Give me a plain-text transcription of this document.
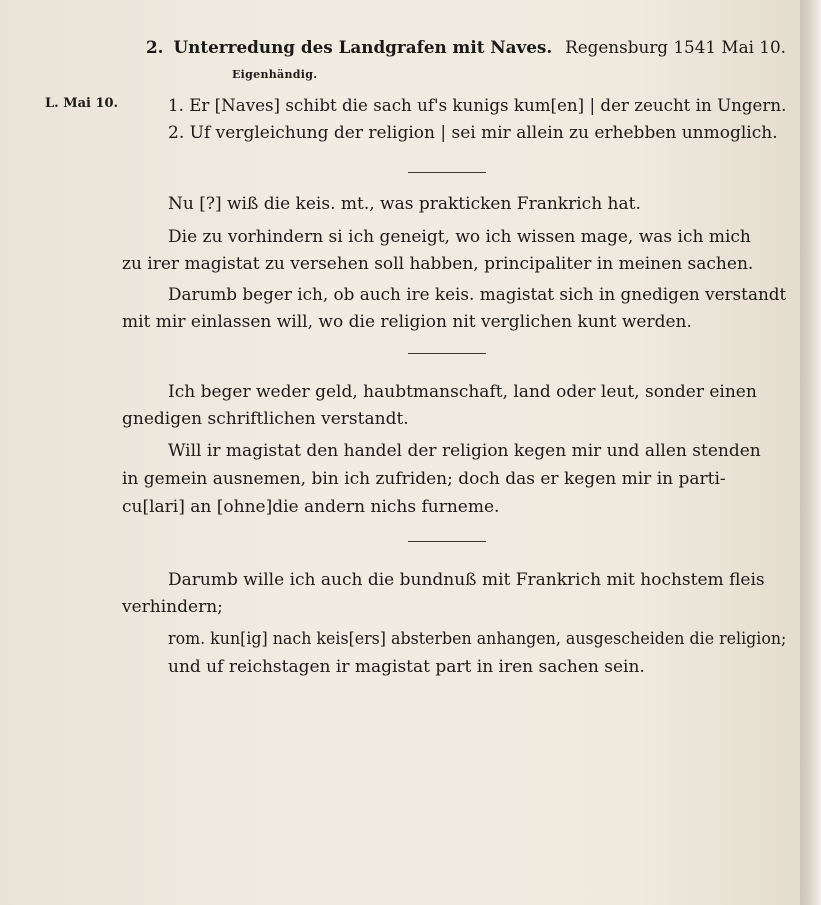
2. Unterredung des Landgrafen mit Naves. Regensburg 1541 Mai 10.
Eigenhändig.
L. Mai 10.	1. Er [Naves] schibt die sach uf's kunigs kum[en] | der zeucht in Ungern.
2. Uf vergleichung der religion | sei mir allein zu erhebben unmoglich.
Nu [?] wiß die keis. mt., was prakticken Frankrich hat.
Die zu vorhindern si ich geneigt, wo ich wissen mage, was ich mich
zu irer magistat zu versehen soll habben, principaliter in meinen sachen.
Darumb beger ich, ob auch ire keis. magistat sich in gnedigen verstandt
mit mir einlassen will, wo die religion nit verglichen kunt werden.
Ich beger weder geld, haubtmanschaft, land oder leut, sonder einen
gnedigen schriftlichen verstandt.
Will ir magistat den handel der religion kegen mir und allen stenden
in gemein ausnemen, bin ich zufriden; doch das er kegen mir in parti-
cu[lari] an [ohne]die andern nichs furneme.
Darumb wille ich auch die bundnuß mit Frankrich mit hochstem fleis
verhindern;
rom. kun[ig] nach keis[ers] absterben anhangen, ausgescheiden die religion;
und uf reichstagen ir magistat part in iren sachen sein.
